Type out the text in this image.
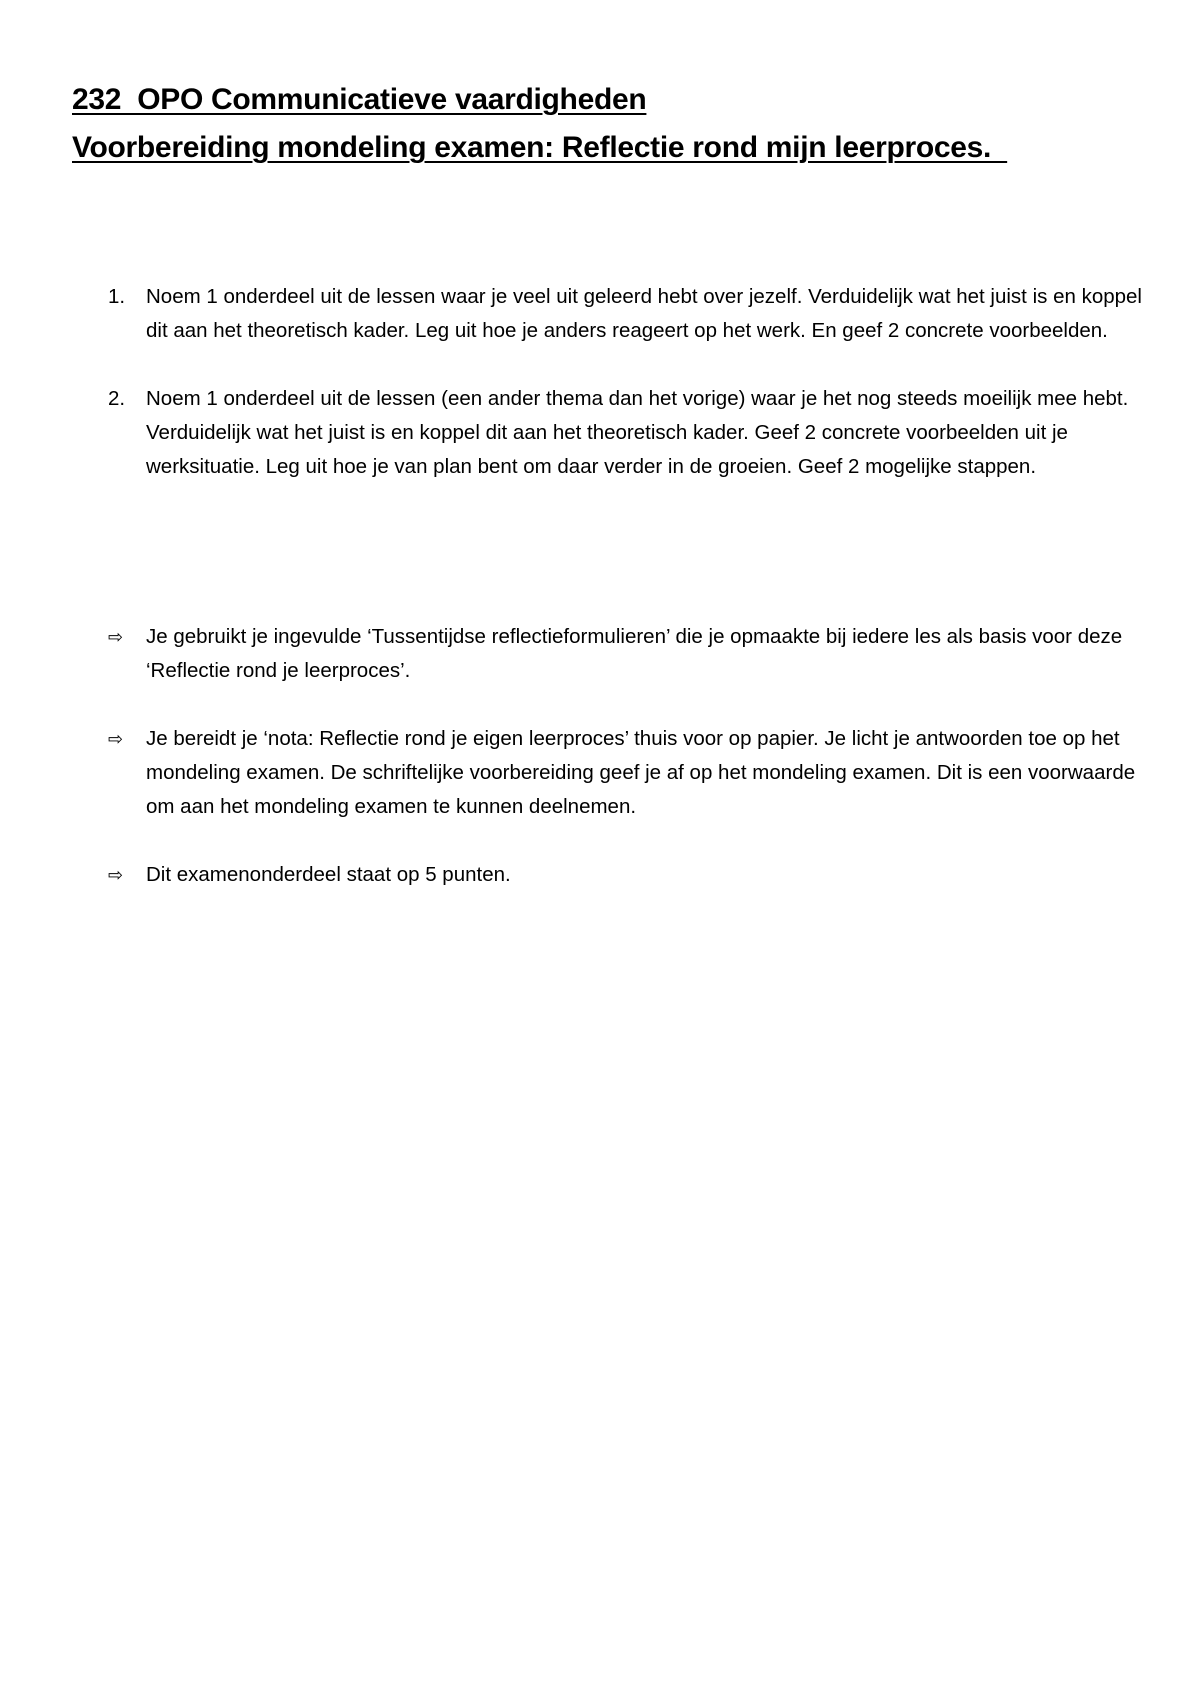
232  OPO Communicatieve vaardigheden
Voorbereiding mondeling examen: Reflectie rond mijn leerproces.
1.	Noem 1 onderdeel uit de lessen waar je veel uit geleerd hebt over jezelf. Verduidelijk wat het juist is en koppel dit aan het theoretisch kader. Leg uit hoe je anders reageert op het werk. En geef 2 concrete voorbeelden.
2.	Noem 1 onderdeel uit de lessen (een ander thema dan het vorige) waar je het nog steeds moeilijk mee hebt. Verduidelijk wat het juist is en koppel dit aan het theoretisch kader. Geef 2 concrete voorbeelden uit je werksituatie. Leg uit hoe je van plan bent om daar verder in de groeien. Geef 2 mogelijke stappen.
⇨	Je gebruikt je ingevulde ‘Tussentijdse reflectieformulieren’ die je opmaakte bij iedere les als basis voor deze ‘Reflectie rond je leerproces’.
⇨	Je bereidt je ‘nota: Reflectie rond je eigen leerproces’ thuis voor op papier. Je licht je antwoorden toe op het mondeling examen. De schriftelijke voorbereiding geef je af op het mondeling examen. Dit is een voorwaarde om aan het mondeling examen te kunnen deelnemen.
⇨	Dit examenonderdeel staat op 5 punten.
